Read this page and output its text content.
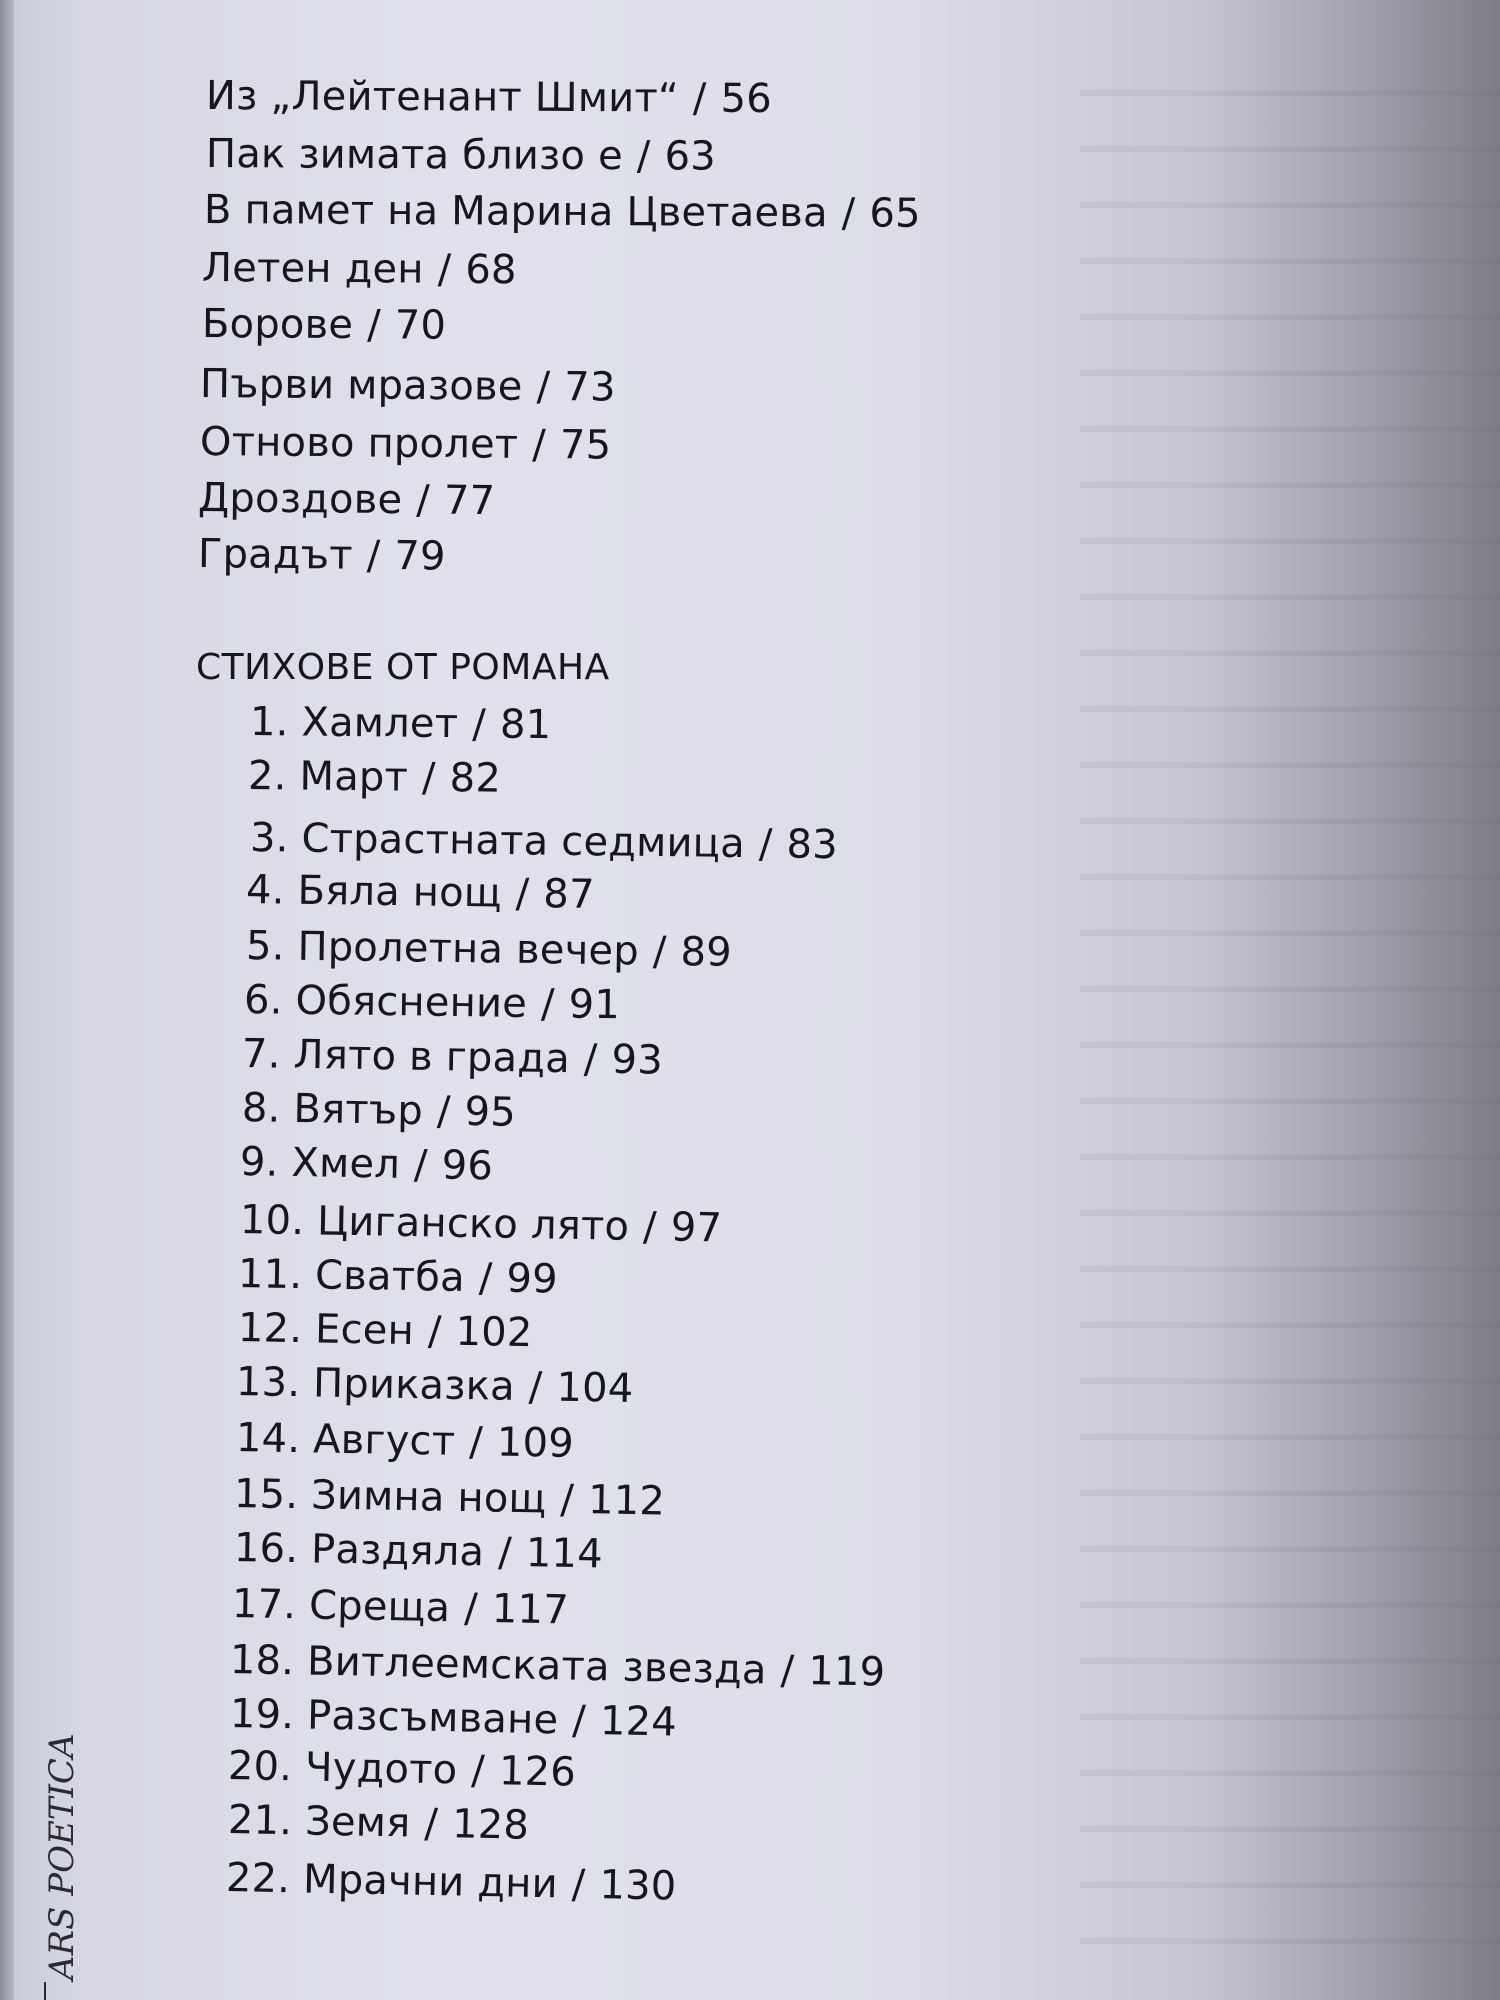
Из „Лейтенант Шмит“ / 56
Пак зимата близо е / 63
В памет на Марина Цветаева / 65
Летен ден / 68
Борове / 70
Първи мразове / 73
Отново пролет / 75
Дроздове / 77
Градът / 79
СТИХОВЕ ОТ РОМАНА
1. Хамлет / 81
2. Март / 82
3. Страстната седмица / 83
4. Бяла нощ / 87
5. Пролетна вечер / 89
6. Обяснение / 91
7. Лято в града / 93
8. Вятър / 95
9. Хмел / 96
10. Циганско лято / 97
11. Сватба / 99
12. Есен / 102
13. Приказка / 104
14. Август / 109
15. Зимна нощ / 112
16. Раздяла / 114
17. Среща / 117
18. Витлеемската звезда / 119
19. Разсъмване / 124
20. Чудото / 126
21. Земя / 128
22. Мрачни дни / 130
ARS POETICA
